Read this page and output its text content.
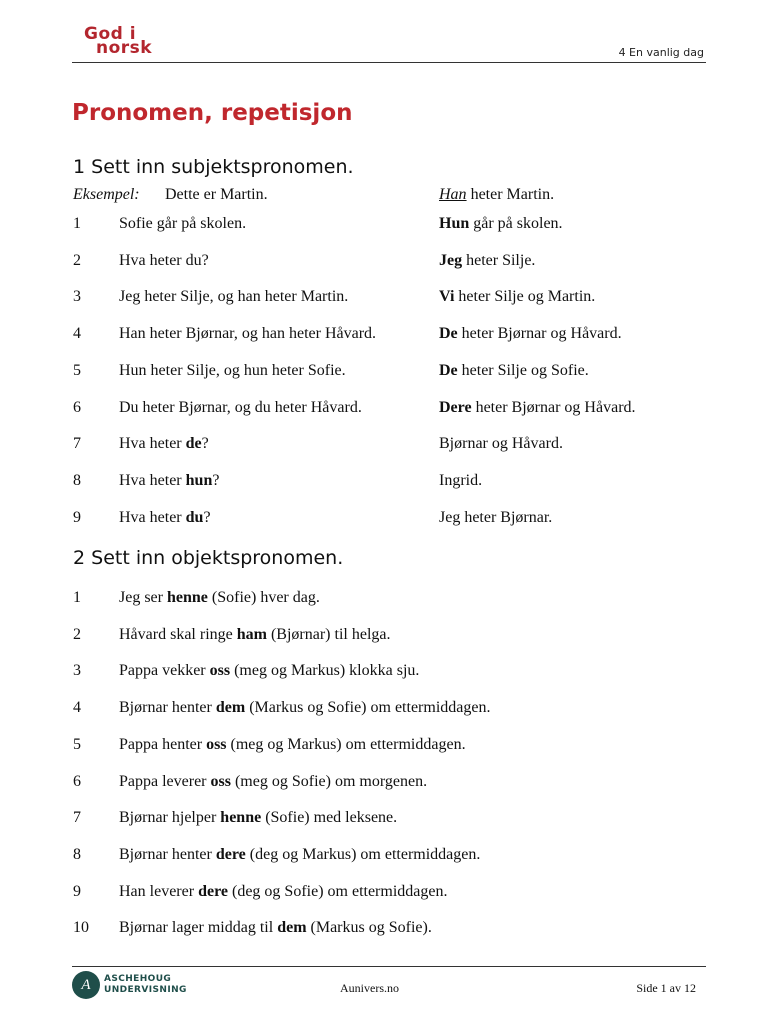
God i
norsk	4 En vanlig dag
Pronomen, repetisjon
1 Sett inn subjektspronomen.
Eksempel: Dette er Martin.	Han heter Martin.
1 Sofie går på skolen.	Hun går på skolen.
2 Hva heter du?	Jeg heter Silje.
3 Jeg heter Silje, og han heter Martin.	Vi heter Silje og Martin.
4 Han heter Bjørnar, og han heter Håvard.	De heter Bjørnar og Håvard.
5 Hun heter Silje, og hun heter Sofie.	De heter Silje og Sofie.
6 Du heter Bjørnar, og du heter Håvard.	Dere heter Bjørnar og Håvard.
7 Hva heter de?	Bjørnar og Håvard.
8 Hva heter hun?	Ingrid.
9 Hva heter du?	Jeg heter Bjørnar.
2 Sett inn objektspronomen.
1 Jeg ser henne (Sofie) hver dag.
2 Håvard skal ringe ham (Bjørnar) til helga.
3 Pappa vekker oss (meg og Markus) klokka sju.
4 Bjørnar henter dem (Markus og Sofie) om ettermiddagen.
5 Pappa henter oss (meg og Markus) om ettermiddagen.
6 Pappa leverer oss (meg og Sofie) om morgenen.
7 Bjørnar hjelper henne (Sofie) med leksene.
8 Bjørnar henter dere (deg og Markus) om ettermiddagen.
9 Han leverer dere (deg og Sofie) om ettermiddagen.
10 Bjørnar lager middag til dem (Markus og Sofie).
A	ASCHEHOUG
UNDERVISNING	Aunivers.no	Side 1 av 12
